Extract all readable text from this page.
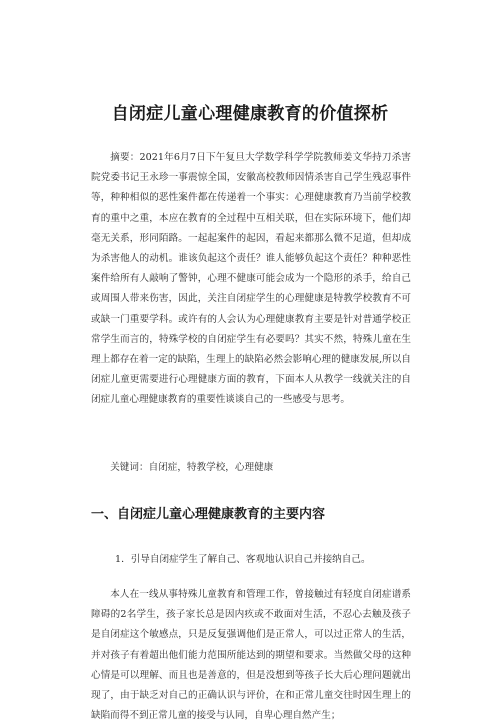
自闭症儿童心理健康教育的价值探析

摘要：2021年6月7日下午复旦大学数学科学学院教师姜文华持刀杀害院党委书记王永珍一事震惊全国，安徽高校教师因情杀害自己学生残忍事件等，种种相似的恶性案件都在传递着一个事实：心理健康教育乃当前学校教育的重中之重，本应在教育的全过程中互相关联，但在实际环境下，他们却毫无关系，形同陌路。一起起案件的起因，看起来都那么微不足道，但却成为杀害他人的动机。谁该负起这个责任？谁人能够负起这个责任？种种恶性案件给所有人敲响了警钟，心理不健康可能会成为一个隐形的杀手，给自己或周围人带来伤害，因此，关注自闭症学生的心理健康是特教学校教育不可或缺一门重要学科。或许有的人会认为心理健康教育主要是针对普通学校正常学生而言的，特殊学校的自闭症学生有必要吗？其实不然，特殊儿童在生理上都存在着一定的缺陷，生理上的缺陷必然会影响心理的健康发展,所以自闭症儿童更需要进行心理健康方面的教育，下面本人从教学一线就关注的自闭症儿童心理健康教育的重要性谈谈自己的一些感受与思考。

关键词：自闭症，特教学校，心理健康

一、自闭症儿童心理健康教育的主要内容

1．引导自闭症学生了解自己、客观地认识自己并接纳自己。

本人在一线从事特殊儿童教育和管理工作，曾接触过有轻度自闭症谱系障碍的2名学生，孩子家长总是因内疚或不敢面对生活，不忍心去触及孩子是自闭症这个敏感点，只是反复强调他们是正常人，可以过正常人的生活，并对孩子有着超出他们能力范围所能达到的期望和要求。当然做父母的这种心情是可以理解、而且也是善意的，但是没想到等孩子长大后心理问题就出现了，由于缺乏对自己的正确认识与评价，在和正常儿童交往时因生理上的缺陷而得不到正常儿童的接受与认同，自卑心理自然产生；
